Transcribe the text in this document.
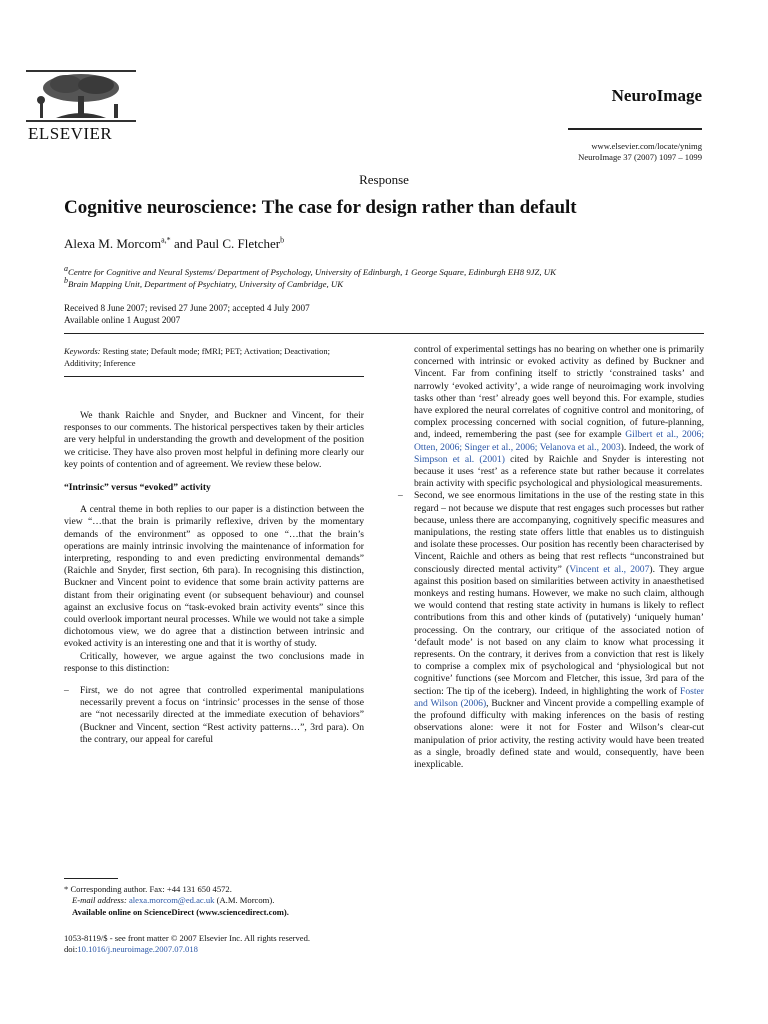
ELSEVIER
NeuroImage
www.elsevier.com/locate/ynimg
NeuroImage 37 (2007) 1097 – 1099
Response
Cognitive neuroscience: The case for design rather than default
Alexa M. Morcom$^{a,*}$ and Paul C. Fletcher$^b$
$^a$Centre for Cognitive and Neural Systems/ Department of Psychology, University of Edinburgh, 1 George Square, Edinburgh EH8 9JZ, UK
$^b$Brain Mapping Unit, Department of Psychiatry, University of Cambridge, UK
Received 8 June 2007; revised 27 June 2007; accepted 4 July 2007
Available online 1 August 2007
Keywords: Resting state; Default mode; fMRI; PET; Activation; Deactivation; Additivity; Inference

We thank Raichle and Snyder, and Buckner and Vincent, for their responses to our comments. The historical perspectives taken by their articles are very helpful in understanding the growth and development of the position we criticise. They have also proven most helpful in defining more clearly our key points of contention and of agreement. We review these below.

“Intrinsic” versus “evoked” activity

A central theme in both replies to our paper is a distinction between the view “…that the brain is primarily reflexive, driven by the momentary demands of the environment” as opposed to one “…that the brain’s operations are mainly intrinsic involving the maintenance of information for interpreting, responding to and even predicting environmental demands” (Raichle and Snyder, first section, 6th para). In recognising this distinction, Buckner and Vincent point to evidence that some brain activity patterns are distant from their originating event (or subsequent behaviour) and counsel against an exclusive focus on “task-evoked brain activity events” since this could overlook important neural processes. While we would not take a simple dichotomous view, we do agree that a distinction between intrinsic and evoked activity is an interesting one and that it is worthy of study.

Critically, however, we argue against the two conclusions made in response to this distinction:

– First, we do not agree that controlled experimental manipulations necessarily prevent a focus on ‘intrinsic’ processes in the sense of those are “not necessarily directed at the immediate execution of behaviors” (Buckner and Vincent, section “Rest activity patterns…”, 3rd para). On the contrary, our appeal for careful

* Corresponding author. Fax: +44 131 650 4572.
E-mail address: alexa.morcom@ed.ac.uk (A.M. Morcom).
Available online on ScienceDirect (www.sciencedirect.com).
1053-8119/$ - see front matter © 2007 Elsevier Inc. All rights reserved.
doi:10.1016/j.neuroimage.2007.07.018

control of experimental settings has no bearing on whether one is primarily concerned with intrinsic or evoked activity as defined by Buckner and Vincent. Far from confining itself to strictly ‘constrained tasks’ and narrowly ‘evoked activity’, a wide range of neuroimaging work involving tasks other than ‘rest’ already goes well beyond this. For example, studies have explored the neural correlates of cognitive control and monitoring, of complex processing concerned with social cognition, of future-planning, and, indeed, remembering the past (see for example Gilbert et al., 2006; Otten, 2006; Singer et al., 2006; Velanova et al., 2003). Indeed, the work of Simpson et al. (2001) cited by Raichle and Snyder is interesting not because it uses ‘rest’ as a reference state but rather because it correlates brain activity with specific psychological and physiological measurements.

– Second, we see enormous limitations in the use of the resting state in this regard – not because we dispute that rest engages such processes but rather because, unless there are accompanying, cognitively specific measures and manipulations, the resting state offers little that enables us to distinguish and isolate these processes. Our position has recently been characterised by Vincent, Raichle and others as being that rest reflects “unconstrained but consciously directed mental activity” (Vincent et al., 2007). They argue against this position based on similarities between activity in anaesthetised monkeys and resting humans. However, we make no such claim, although we would contend that resting state activity in humans is likely to reflect contributions from this and other kinds of (putatively) ‘uniquely human’ processing. On the contrary, our critique of the associated notion of ‘default mode’ is not based on any claim to know what processing it represents. On the contrary, it derives from a conviction that rest is likely to comprise a complex mix of psychological and ‘physiological but not cognitive’ functions (see Morcom and Fletcher, this issue, 3rd para of the section: The tip of the iceberg). Indeed, in highlighting the work of Foster and Wilson (2006), Buckner and Vincent provide a compelling example of the profound difficulty with making inferences on the basis of resting observations alone: were it not for Foster and Wilson’s clear-cut manipulation of prior activity, the resting activity would have been treated as a single, broadly defined state and would, consequently, have been inexplicable.
